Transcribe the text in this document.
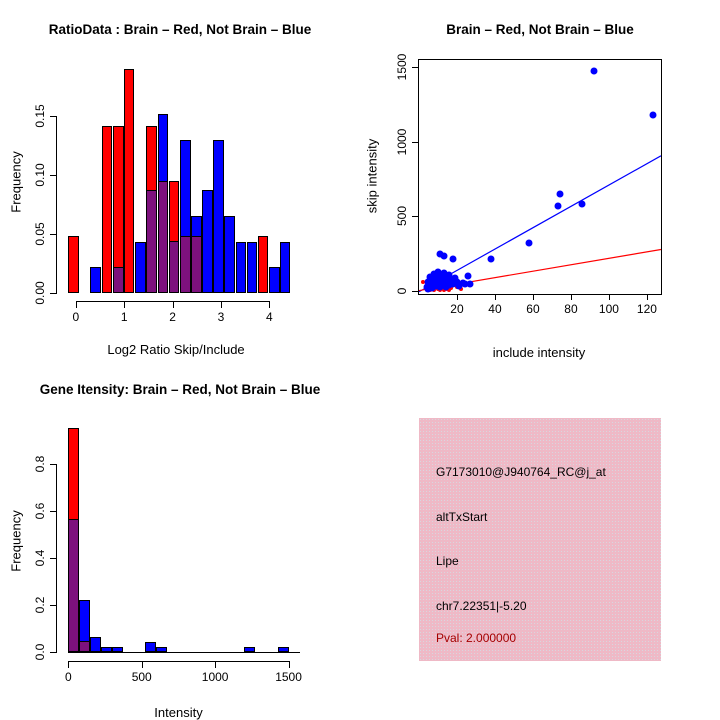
RatioData : Brain – Red, Not Brain – Blue
Frequency
0	1	2	3	4
0.00
0.05
0.10
0.15
Log2 Ratio Skip/Include
Brain – Red, Not Brain – Blue
skip intensity
20 40 60 80 100 120
0
500
1000
1500
include intensity
Gene Itensity: Brain – Red, Not Brain – Blue
Frequency
0	500	1000	1500
0.0
0.2
0.4
0.6
0.8
Intensity
G7173010@J940764_RC@j_at
altTxStart
Lipe
chr7.22351|-5.20
Pval: 2.000000
